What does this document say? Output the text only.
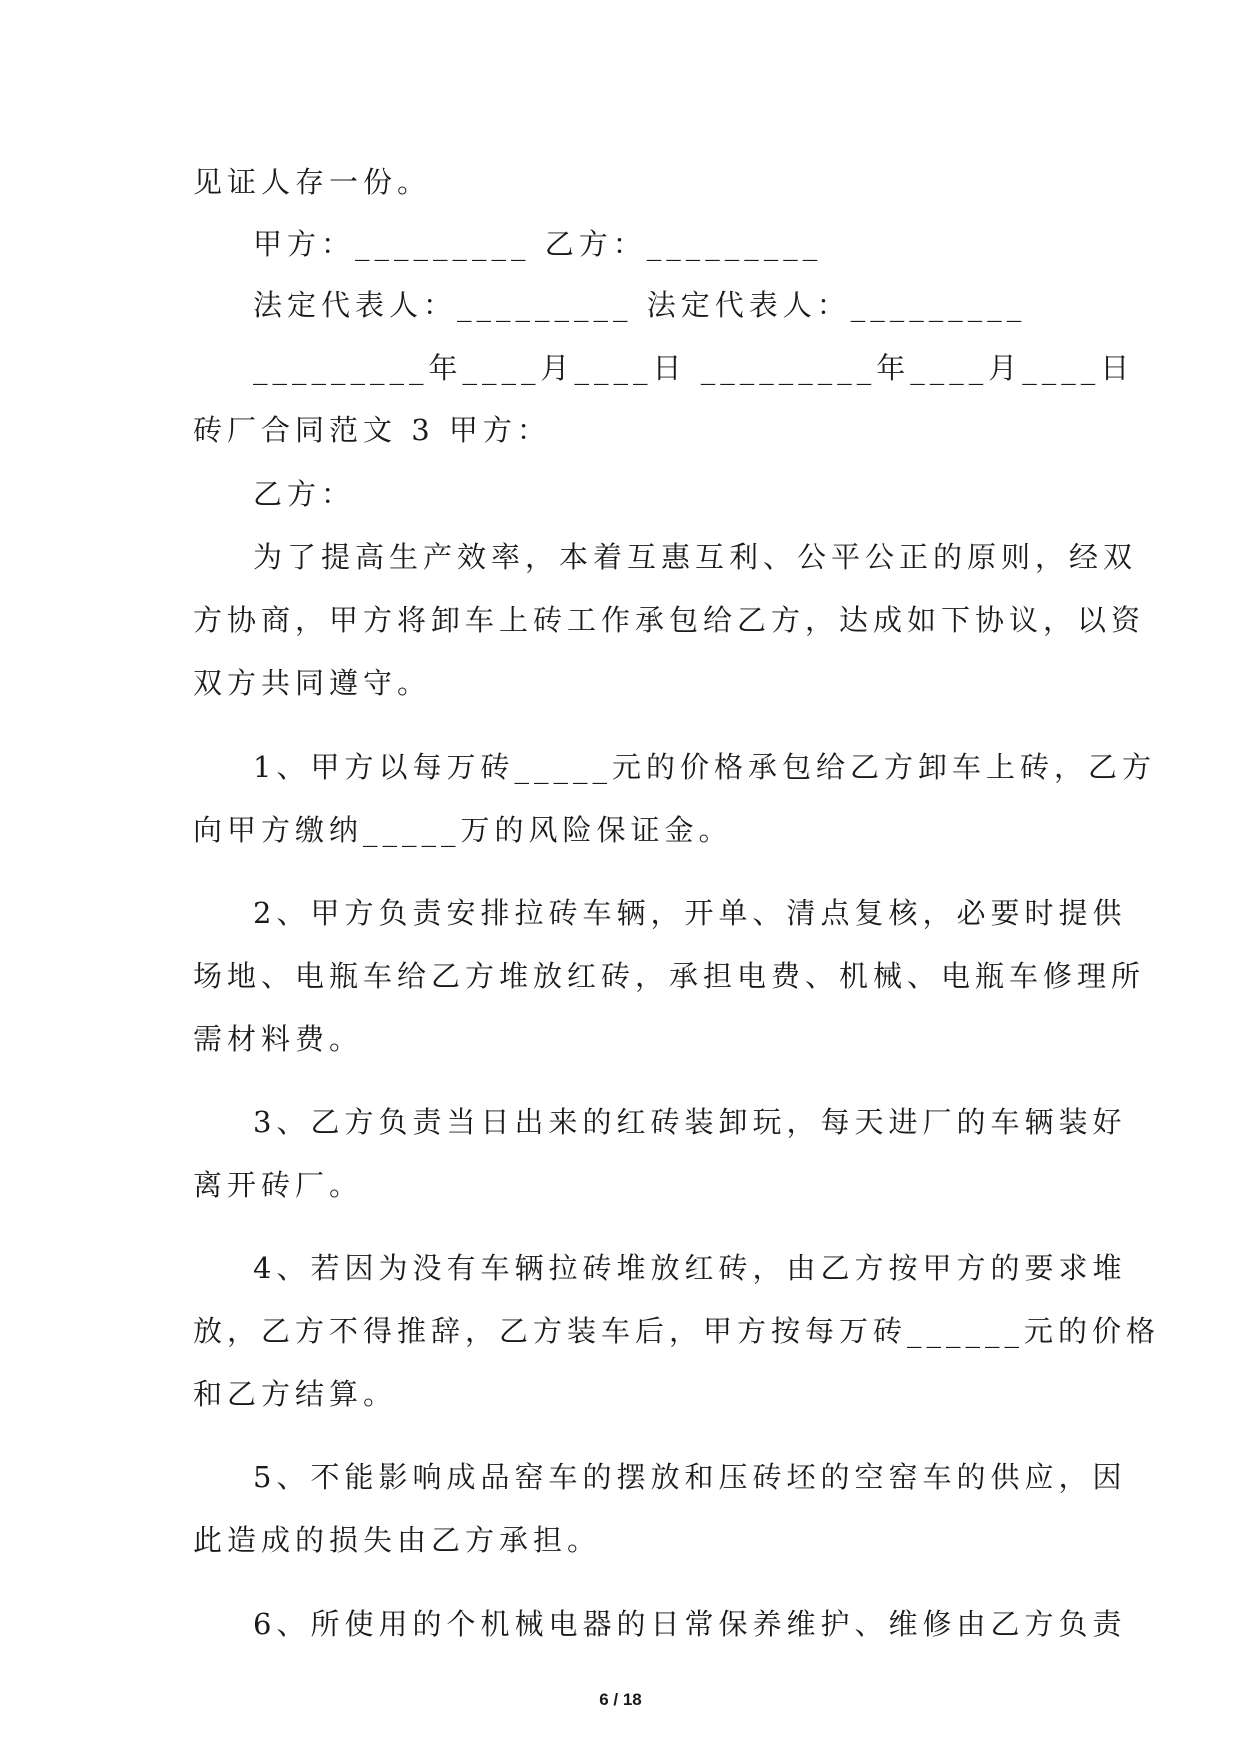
见证人存一份。
甲方：_________ 乙方：_________
法定代表人：_________ 法定代表人：_________
_________年____月____日 _________年____月____日
砖厂合同范文 3 甲方：
乙方：
为了提高生产效率，本着互惠互利、公平公正的原则，经双
方协商，甲方将卸车上砖工作承包给乙方，达成如下协议，以资
双方共同遵守。
1、甲方以每万砖_____元的价格承包给乙方卸车上砖，乙方
向甲方缴纳_____万的风险保证金。
2、甲方负责安排拉砖车辆，开单、清点复核，必要时提供
场地、电瓶车给乙方堆放红砖，承担电费、机械、电瓶车修理所
需材料费。
3、乙方负责当日出来的红砖装卸玩，每天进厂的车辆装好
离开砖厂。
4、若因为没有车辆拉砖堆放红砖，由乙方按甲方的要求堆
放，乙方不得推辞，乙方装车后，甲方按每万砖______元的价格
和乙方结算。
5、不能影响成品窑车的摆放和压砖坯的空窑车的供应，因
此造成的损失由乙方承担。
6、所使用的个机械电器的日常保养维护、维修由乙方负责
6 / 18
